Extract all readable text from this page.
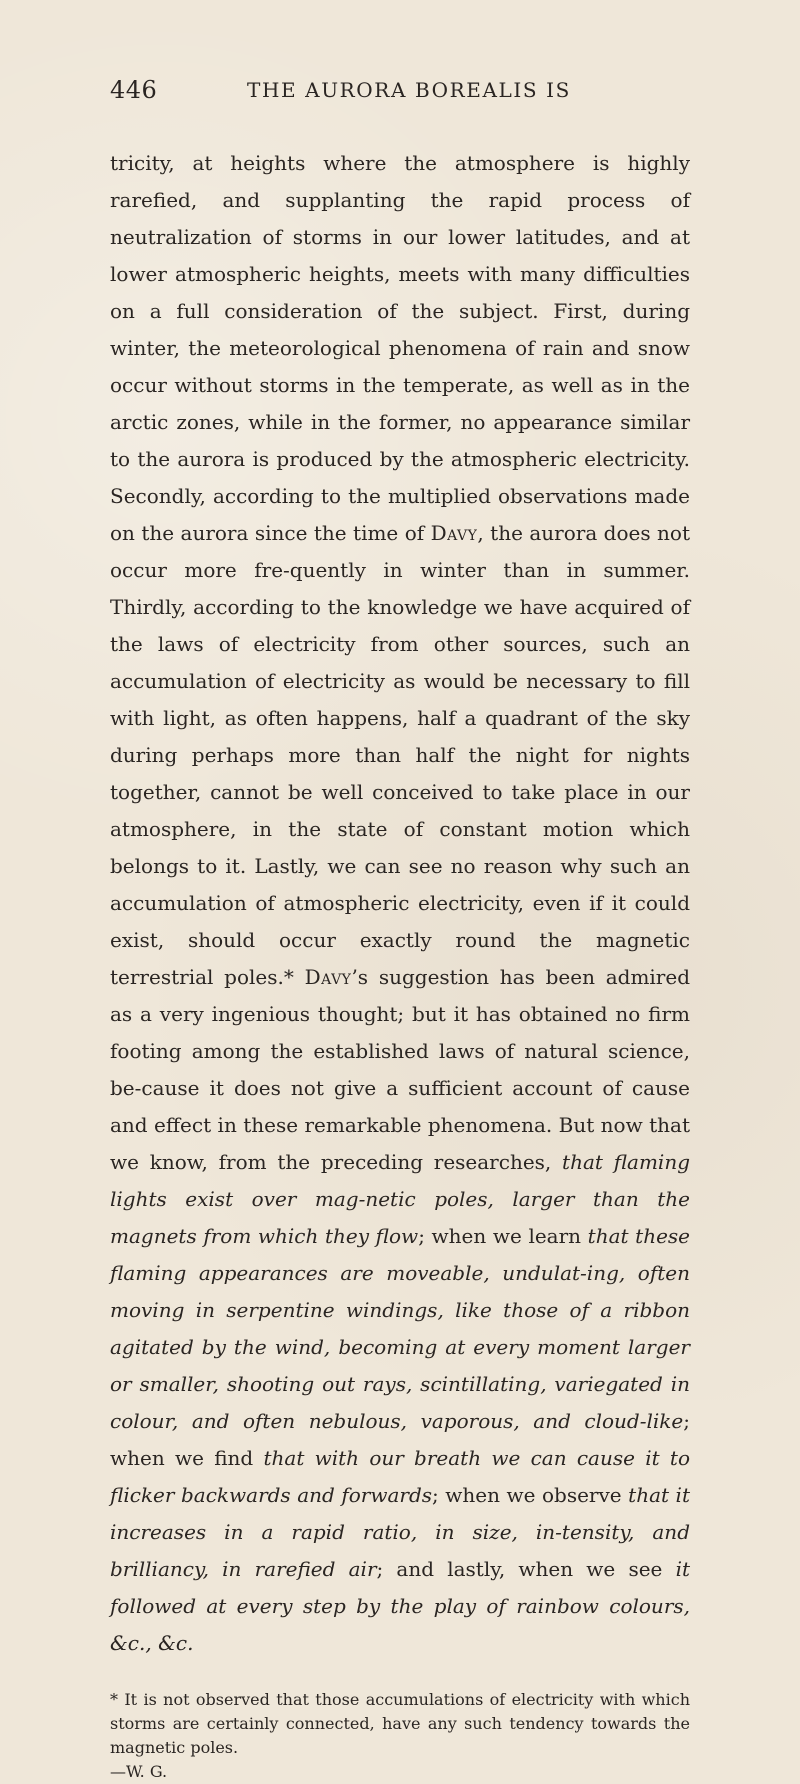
446	THE AURORA BOREALIS IS

tricity, at heights where the atmosphere is highly rarefied, and supplanting the rapid process of neutralization of storms in our lower latitudes, and at lower atmospheric heights, meets with many difficulties on a full consideration of the subject. First, during winter, the meteorological phenomena of rain and snow occur without storms in the temperate, as well as in the arctic zones, while in the former, no appearance similar to the aurora is produced by the atmospheric electricity. Secondly, according to the multiplied observations made on the aurora since the time of Davy, the aurora does not occur more fre-quently in winter than in summer. Thirdly, according to the knowledge we have acquired of the laws of electricity from other sources, such an accumulation of electricity as would be necessary to fill with light, as often happens, half a quadrant of the sky during perhaps more than half the night for nights together, cannot be well conceived to take place in our atmosphere, in the state of constant motion which belongs to it. Lastly, we can see no reason why such an accumulation of atmospheric electricity, even if it could exist, should occur exactly round the magnetic terrestrial poles.* Davy’s suggestion has been admired as a very ingenious thought; but it has obtained no firm footing among the established laws of natural science, be-cause it does not give a sufficient account of cause and effect in these remarkable phenomena. But now that we know, from the preceding researches, that flaming lights exist over mag-netic poles, larger than the magnets from which they flow; when we learn that these flaming appearances are moveable, undulat-ing, often moving in serpentine windings, like those of a ribbon agitated by the wind, becoming at every moment larger or smaller, shooting out rays, scintillating, variegated in colour, and often nebulous, vaporous, and cloud-like; when we find that with our breath we can cause it to flicker backwards and forwards; when we observe that it increases in a rapid ratio, in size, in-tensity, and brilliancy, in rarefied air; and lastly, when we see it followed at every step by the play of rainbow colours, &c., &c.

* It is not observed that those accumulations of electricity with which storms are certainly connected, have any such tendency towards the magnetic poles.

—W. G.
